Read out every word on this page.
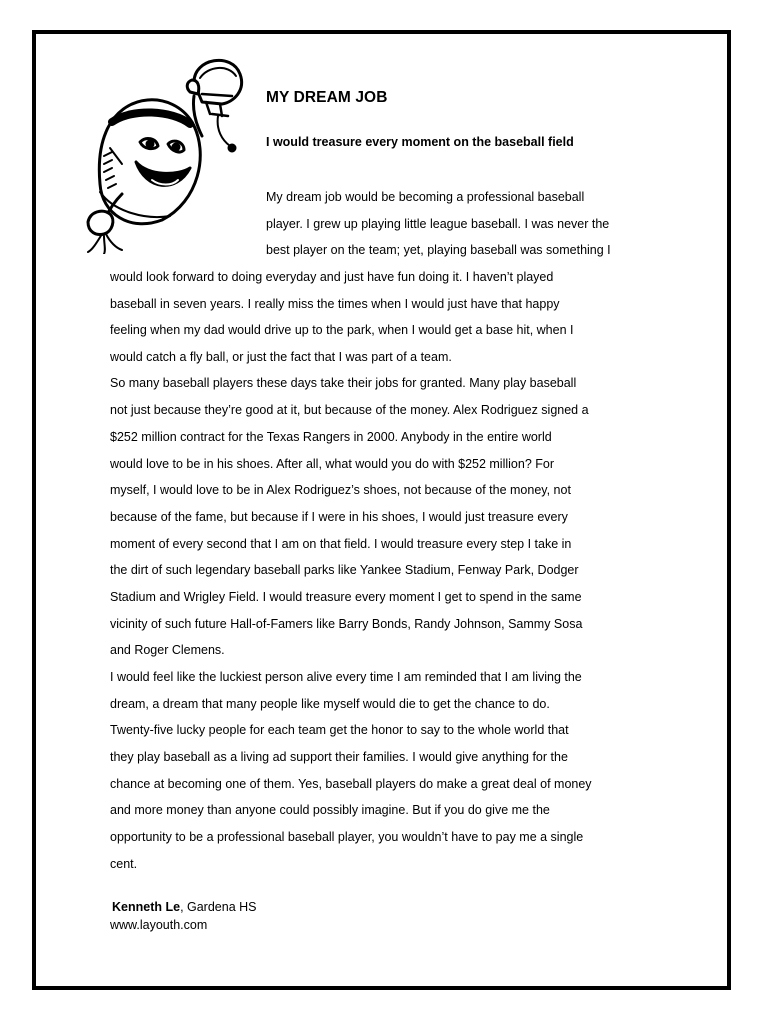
MY DREAM JOB
I would treasure every moment on the baseball field
My dream job would be becoming a professional baseball
player. I grew up playing little league baseball. I was never the
best player on the team; yet, playing baseball was something I
would look forward to doing everyday and just have fun doing it. I haven’t played
baseball in seven years. I really miss the times when I would just have that happy
feeling when my dad would drive up to the park, when I would get a base hit, when I
would catch a fly ball, or just the fact that I was part of a team.
So many baseball players these days take their jobs for granted. Many play baseball
not just because they’re good at it, but because of the money. Alex Rodriguez signed a
$252 million contract for the Texas Rangers in 2000. Anybody in the entire world
would love to be in his shoes. After all, what would you do with $252 million? For
myself, I would love to be in Alex Rodriguez’s shoes, not because of the money, not
because of the fame, but because if I were in his shoes, I would just treasure every
moment of every second that I am on that field. I would treasure every step I take in
the dirt of such legendary baseball parks like Yankee Stadium, Fenway Park, Dodger
Stadium and Wrigley Field. I would treasure every moment I get to spend in the same
vicinity of such future Hall-of-Famers like Barry Bonds, Randy Johnson, Sammy Sosa
and Roger Clemens.
I would feel like the luckiest person alive every time I am reminded that I am living the
dream, a dream that many people like myself would die to get the chance to do.
Twenty-five lucky people for each team get the honor to say to the whole world that
they play baseball as a living ad support their families. I would give anything for the
chance at becoming one of them. Yes, baseball players do make a great deal of money
and more money than anyone could possibly imagine. But if you do give me the
opportunity to be a professional baseball player, you wouldn’t have to pay me a single
cent.
Kenneth Le, Gardena HS
www.layouth.com
